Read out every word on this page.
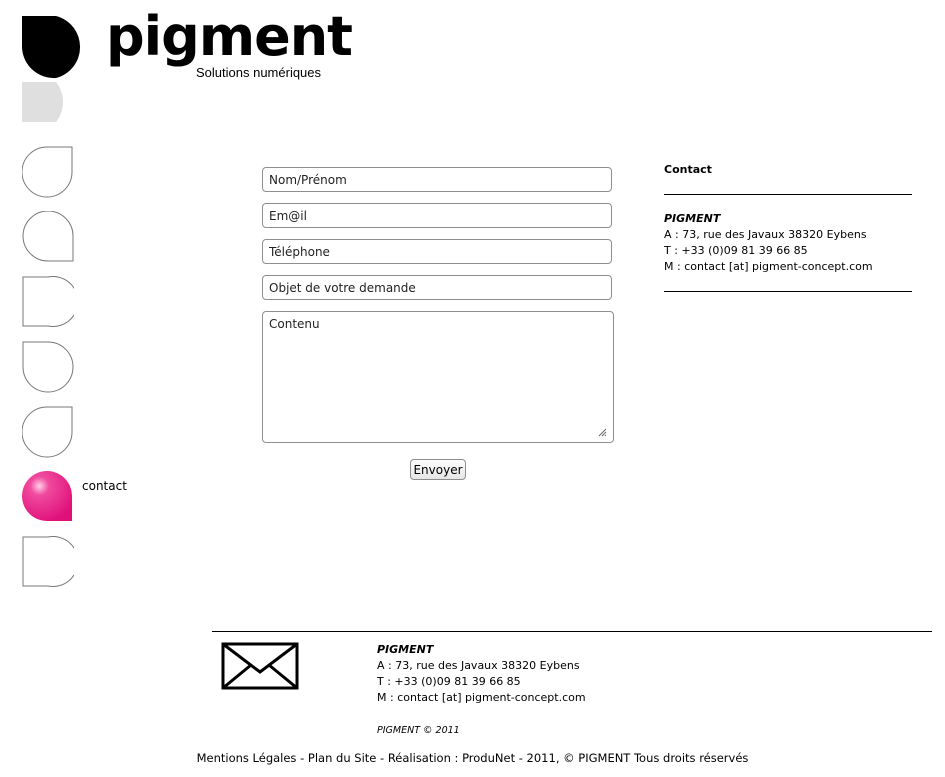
pigment
Solutions numériques
contact
Nom/Prénom
Em@il
Téléphone
Objet de votre demande
Contenu
Envoyer
Contact
PIGMENT
A : 73, rue des Javaux 38320 Eybens
T : +33 (0)09 81 39 66 85
M : contact [at] pigment-concept.com
PIGMENT
A : 73, rue des Javaux 38320 Eybens
T : +33 (0)09 81 39 66 85
M : contact [at] pigment-concept.com
PIGMENT © 2011
Mentions Légales - Plan du Site - Réalisation : ProduNet - 2011, © PIGMENT Tous droits réservés
